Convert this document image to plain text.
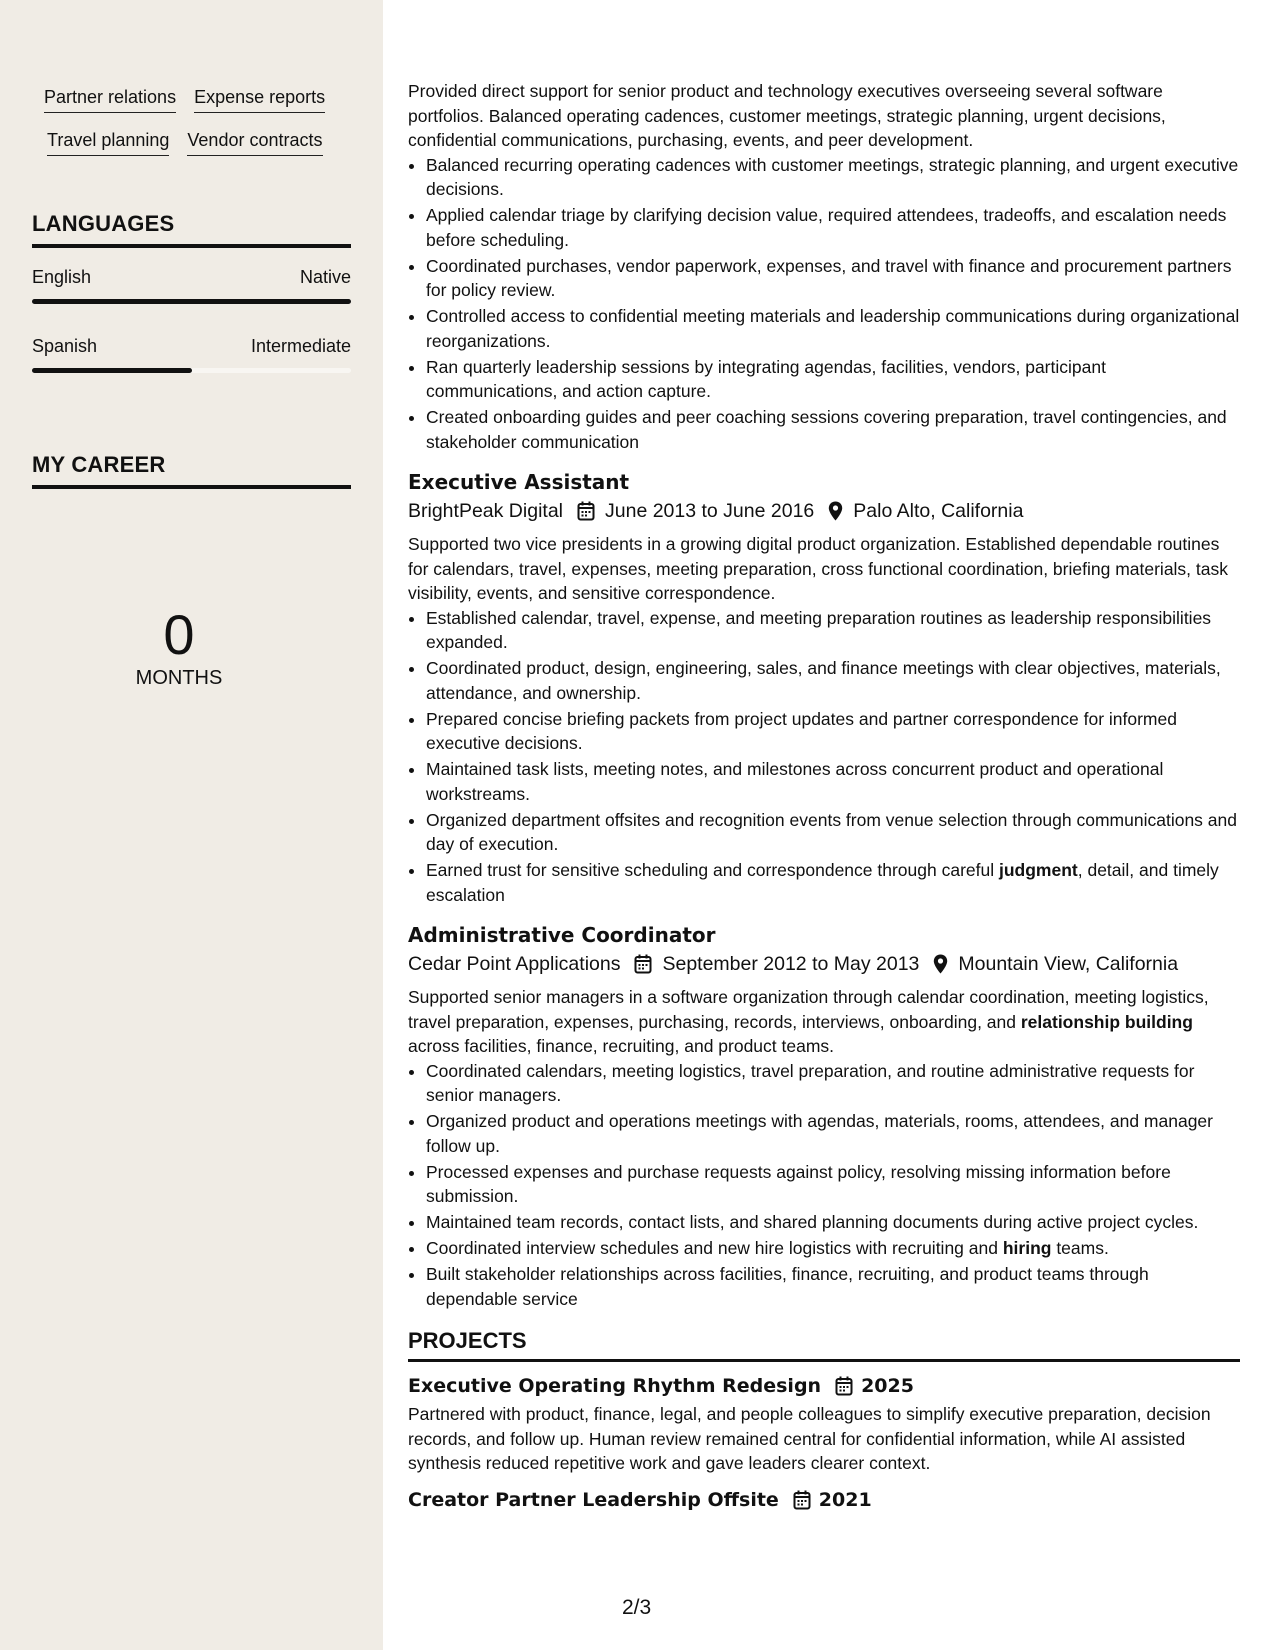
Partner relations Expense reports
Travel planning Vendor contracts
LANGUAGES
English	Native
Spanish	Intermediate
MY CAREER
0
MONTHS

Provided direct support for senior product and technology executives overseeing several software portfolios. Balanced operating cadences, customer meetings, strategic planning, urgent decisions, confidential communications, purchasing, events, and peer development.

• Balanced recurring operating cadences with customer meetings, strategic planning, and urgent executive decisions.
• Applied calendar triage by clarifying decision value, required attendees, tradeoffs, and escalation needs before scheduling.
• Coordinated purchases, vendor paperwork, expenses, and travel with finance and procurement partners for policy review.
• Controlled access to confidential meeting materials and leadership communications during organizational reorganizations.
• Ran quarterly leadership sessions by integrating agendas, facilities, vendors, participant communications, and action capture.
• Created onboarding guides and peer coaching sessions covering preparation, travel contingencies, and stakeholder communication
Executive Assistant
BrightPeak Digital June 2013 to June 2016 Palo Alto, California

Supported two vice presidents in a growing digital product organization. Established dependable routines for calendars, travel, expenses, meeting preparation, cross functional coordination, briefing materials, task visibility, events, and sensitive correspondence.

• Established calendar, travel, expense, and meeting preparation routines as leadership responsibilities expanded.
• Coordinated product, design, engineering, sales, and finance meetings with clear objectives, materials, attendance, and ownership.
• Prepared concise briefing packets from project updates and partner correspondence for informed executive decisions.
• Maintained task lists, meeting notes, and milestones across concurrent product and operational workstreams.
• Organized department offsites and recognition events from venue selection through communications and day of execution.
• Earned trust for sensitive scheduling and correspondence through careful judgment, detail, and timely escalation
Administrative Coordinator
Cedar Point Applications September 2012 to May 2013 Mountain View, California

Supported senior managers in a software organization through calendar coordination, meeting logistics, travel preparation, expenses, purchasing, records, interviews, onboarding, and relationship building across facilities, finance, recruiting, and product teams.

• Coordinated calendars, meeting logistics, travel preparation, and routine administrative requests for senior managers.
• Organized product and operations meetings with agendas, materials, rooms, attendees, and manager follow up.
• Processed expenses and purchase requests against policy, resolving missing information before submission.
• Maintained team records, contact lists, and shared planning documents during active project cycles.
• Coordinated interview schedules and new hire logistics with recruiting and hiring teams.
• Built stakeholder relationships across facilities, finance, recruiting, and product teams through dependable service
PROJECTS
Executive Operating Rhythm Redesign 2025

Partnered with product, finance, legal, and people colleagues to simplify executive preparation, decision records, and follow up. Human review remained central for confidential information, while AI assisted synthesis reduced repetitive work and gave leaders clearer context.

Creator Partner Leadership Offsite 2021
2/3
